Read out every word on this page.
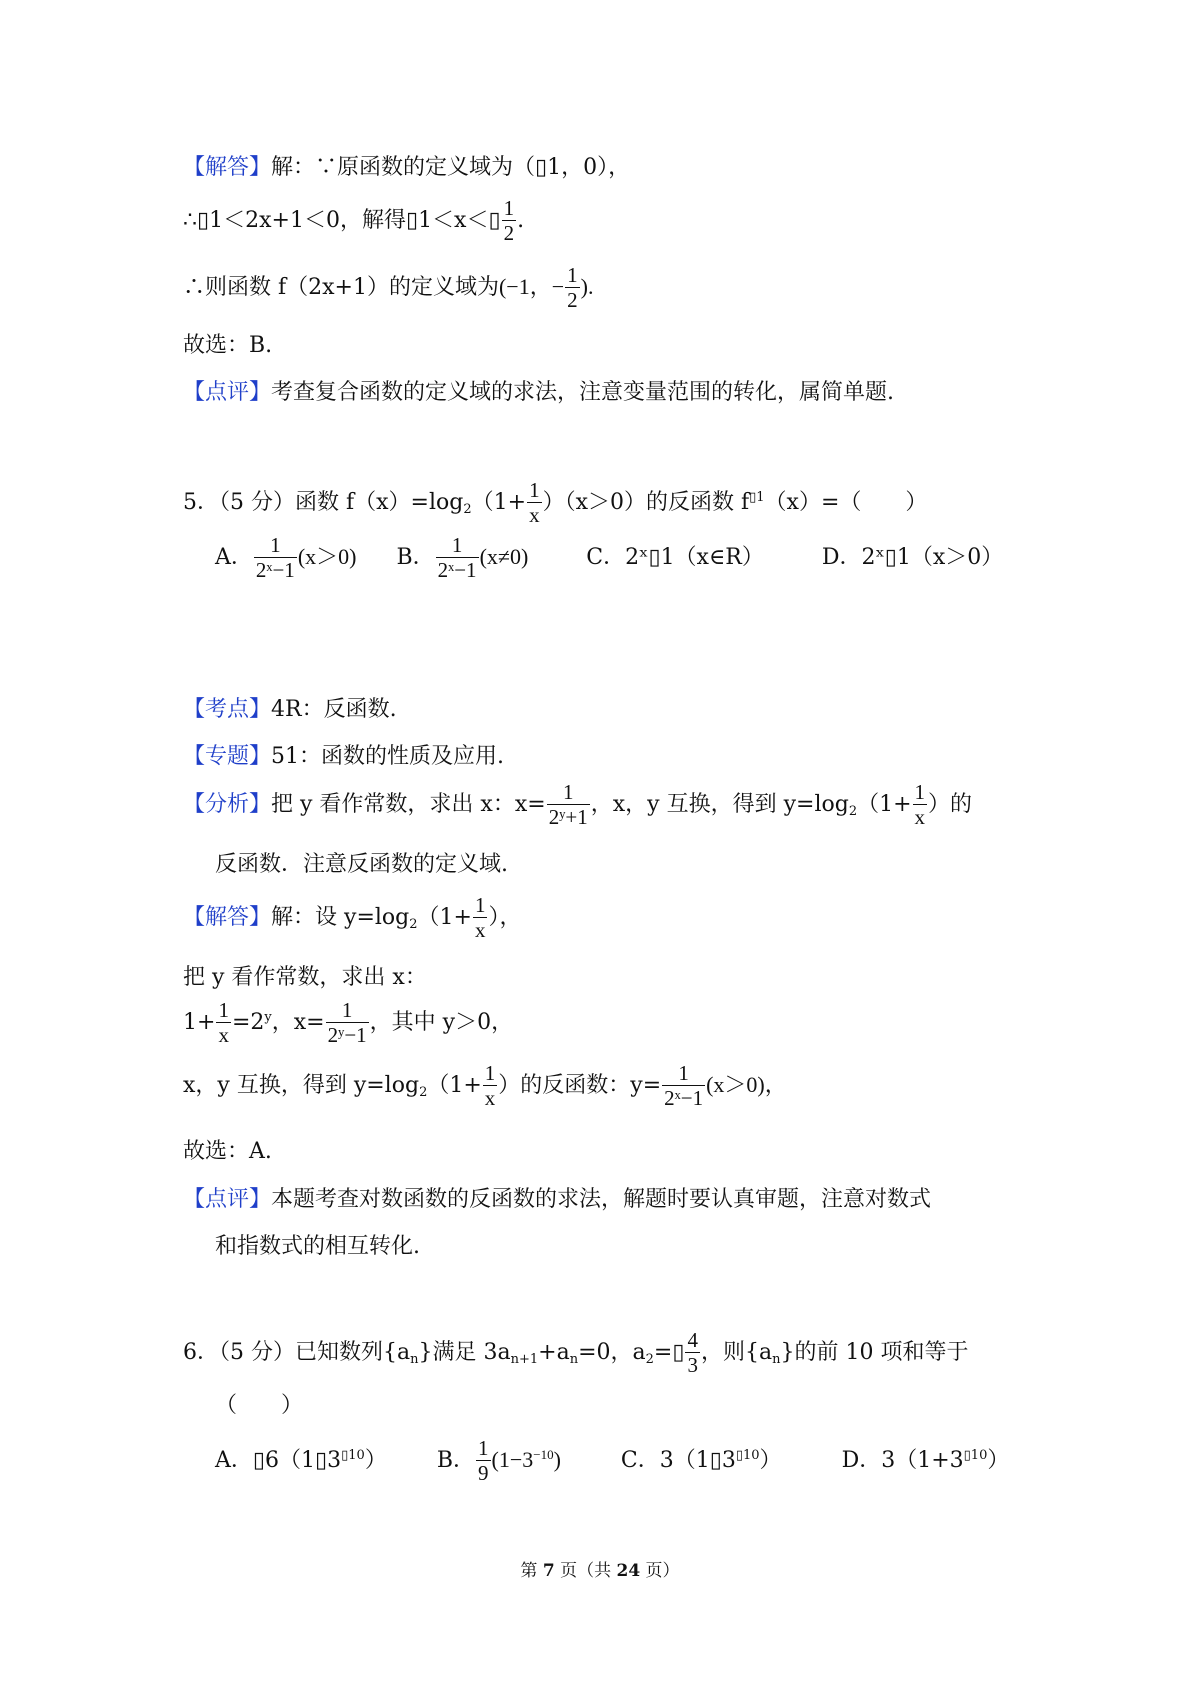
【解答】解：∵原函数的定义域为（▯1，0），
∴▯1＜2x+1＜0，解得▯1＜x＜▯ $\frac{1}{2}$ .
∴则函数 f（2x+1）的定义域为(−1，− $\frac{1}{2}$ ).
故选：B.
【点评】考查复合函数的定义域的求法，注意变量范围的转化，属简单题.
5．（5 分）函数 $f(x)=\log_2(1+ \frac{1}{x} )(x>0)$的反函数 $f^{▯1}(x)=$（　　）
A． $\frac{1}{\text{2ˣ−1}} (x>0)$ B． $\frac{1}{\text{2ˣ−1}} (x\ne 0)$	C．2ˣ▯1（x∈R）	D．2ˣ▯1（x＞0）
【考点】4R：反函数.
【专题】51：函数的性质及应用.
【分析】把 y 看作常数，求出 x：$x= \frac{1}{\text{2ʸ+1}}$ ，x，y 互换，得到 $y=\log_2(1+ \frac{1}{x}$ ）的
反函数．注意反函数的定义域.
【解答】解：设 $y=\log_2(1+ \frac{1}{x}$ ），
把 y 看作常数，求出 x：
$1+ \frac{1}{x} =2^y$，$x= \frac{1}{\text{2ʸ−1}}$ ，其中 y＞0，
x，y 互换，得到 $y=\log_2(1+ \frac{1}{x}$ ）的反函数：$y= \frac{1}{\text{2ˣ−1}} (x>0)$，
故选：A.
【点评】本题考查对数函数的反函数的求法，解题时要认真审题，注意对数式
和指数式的相互转化.
6．（5 分）已知数列$\{a_n\}$满足 $3a_{n+1}+a_n=0$，$a_2=▯ \frac{4}{3}$ ，则$\{a_n\}$的前 10 项和等于
（　　）
A．$▯6(1▯3^{▯10})$ B． $\frac{1}{9} (1-3^{-10})$	C．$3(1▯3^{▯10})$	D．$3(1+3^{▯10})$
第 7 页（共 24 页）
